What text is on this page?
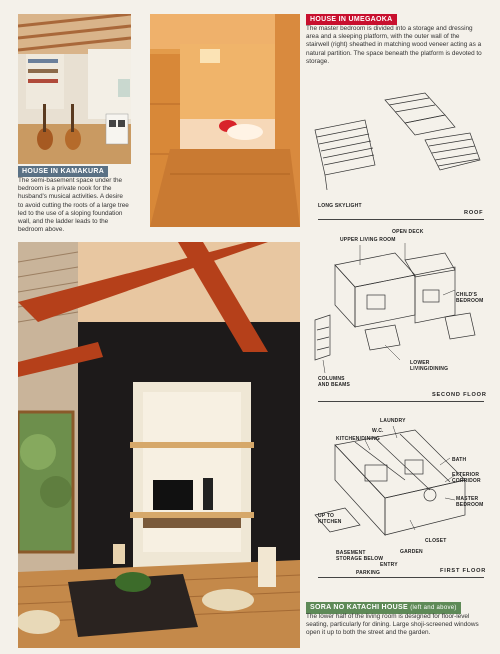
HOUSE IN KAMAKURA

The semi-basement space under the bedroom is a private nook for the husband's musical activities. A desire to avoid cutting the roots of a large tree led to the use of a sloping foundation wall, and the ladder leads to the bedroom above.

HOUSE IN UMEGAOKA

The master bedroom is divided into a storage and dressing area and a sleeping platform, with the outer wall of the stairwell (right) sheathed in matching wood veneer acting as a natural partition. The space beneath the platform is devoted to storage.

LONG SKYLIGHT
ROOF
UPPER LIVING ROOM
OPEN DECK
CHILD'S
BEDROOM
LOWER
LIVING/DINING
COLUMNS
AND BEAMS
SECOND FLOOR
LAUNDRY
W.C.
KITCHEN/DINING
BATH
EXTERIOR
CORRIDOR
MASTER
BEDROOM
UP TO
KITCHEN
CLOSET
GARDEN
BASEMENT
STORAGE BELOW
ENTRY
PARKING	FIRST FLOOR
SORA NO KATACHI HOUSE (left and above)

The lower half of the living room is designed for floor-level seating, particularly for dining. Large shoji-screened windows open it up to both the street and the garden.
